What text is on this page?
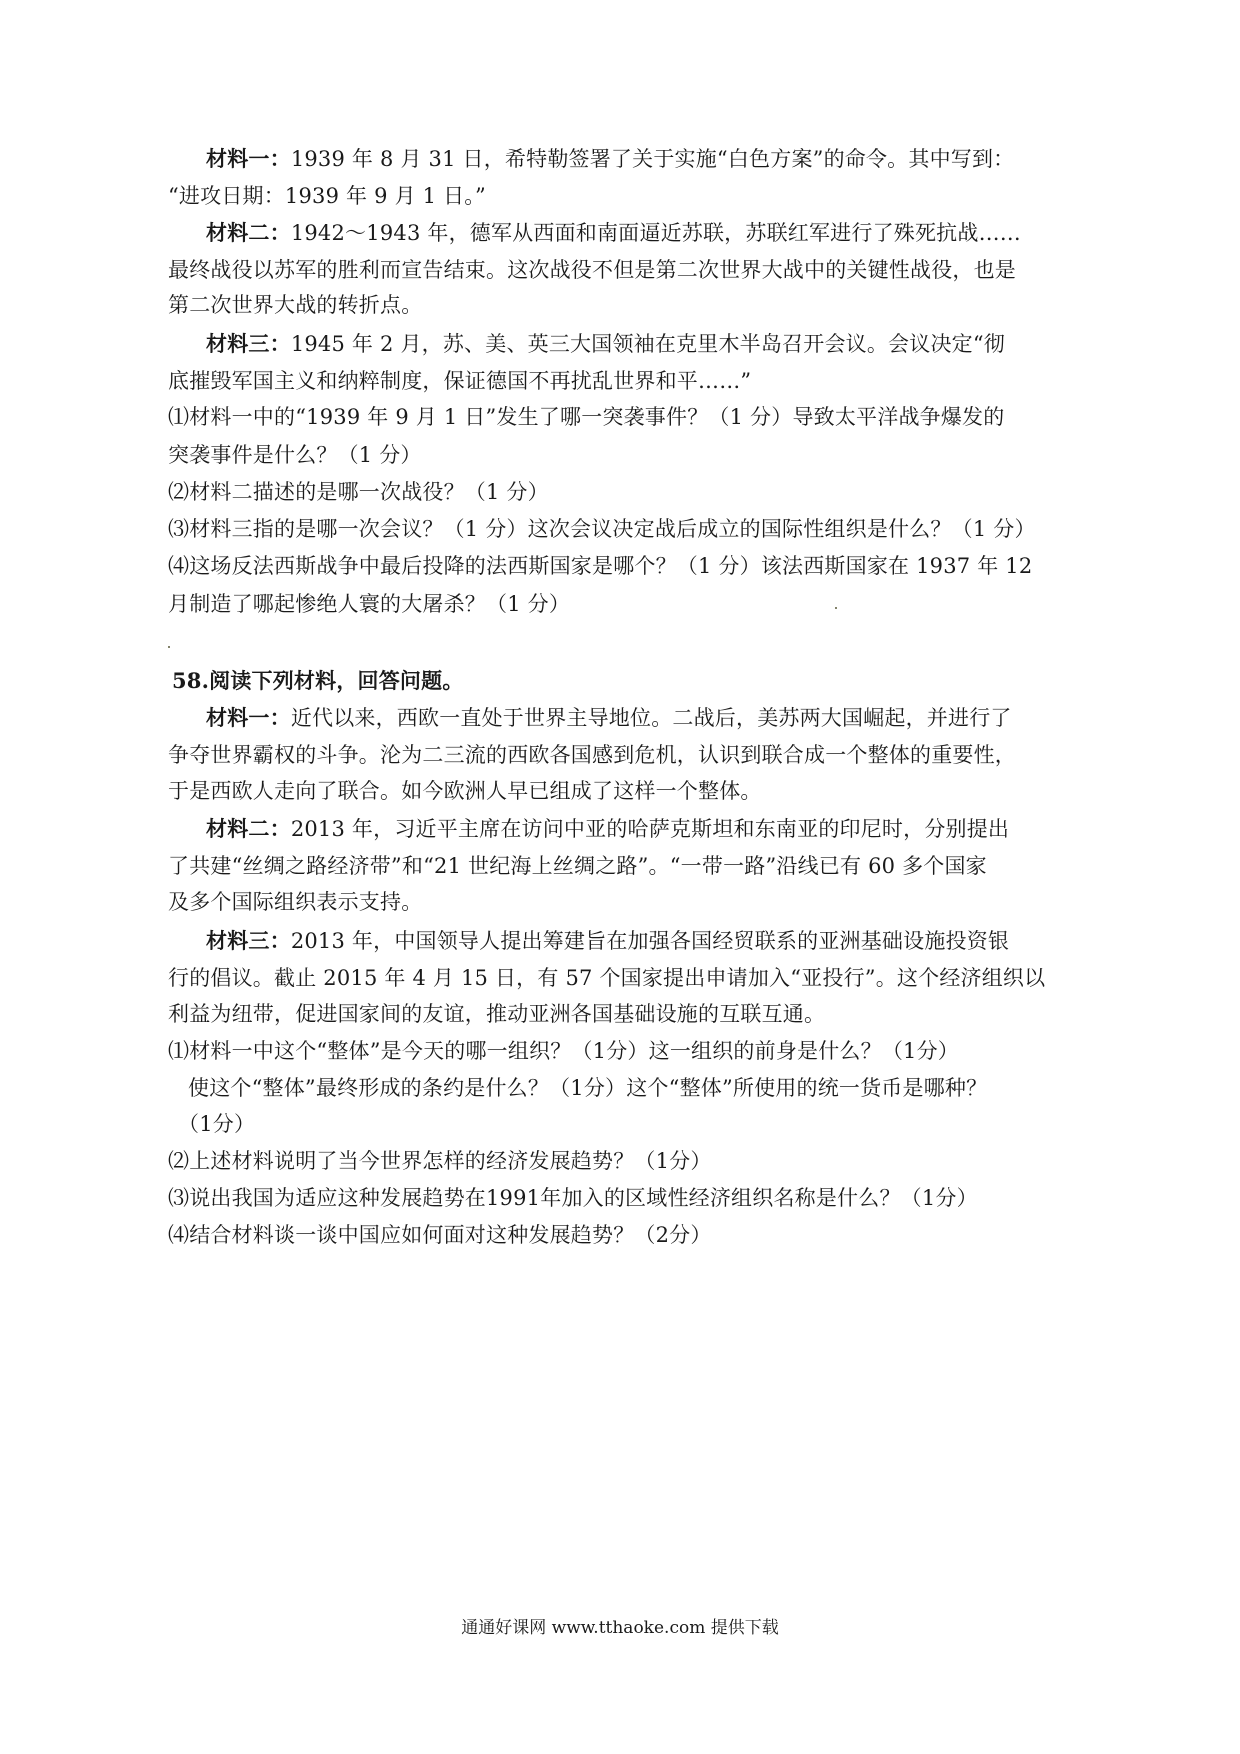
材料一：1939 年 8 月 31 日，希特勒签署了关于实施“白色方案”的命令。其中写到：
“进攻日期：1939 年 9 月 1 日。”
材料二：1942～1943 年，德军从西面和南面逼近苏联，苏联红军进行了殊死抗战……
最终战役以苏军的胜利而宣告结束。这次战役不但是第二次世界大战中的关键性战役，也是
第二次世界大战的转折点。
材料三：1945 年 2 月，苏、美、英三大国领袖在克里木半岛召开会议。会议决定“彻
底摧毁军国主义和纳粹制度，保证德国不再扰乱世界和平……”
⑴材料一中的“1939 年 9 月 1 日”发生了哪一突袭事件？（1 分）导致太平洋战争爆发的
突袭事件是什么？（1 分）
⑵材料二描述的是哪一次战役？（1 分）
⑶材料三指的是哪一次会议？（1 分）这次会议决定战后成立的国际性组织是什么？（1 分）
⑷这场反法西斯战争中最后投降的法西斯国家是哪个？（1 分）该法西斯国家在 1937 年 12
月制造了哪起惨绝人寰的大屠杀？（1 分）
58.阅读下列材料，回答问题。
材料一：近代以来，西欧一直处于世界主导地位。二战后，美苏两大国崛起，并进行了
争夺世界霸权的斗争。沦为二三流的西欧各国感到危机，认识到联合成一个整体的重要性，
于是西欧人走向了联合。如今欧洲人早已组成了这样一个整体。
材料二：2013 年，习近平主席在访问中亚的哈萨克斯坦和东南亚的印尼时，分别提出
了共建“丝绸之路经济带”和“21 世纪海上丝绸之路”。“一带一路”沿线已有 60 多个国家
及多个国际组织表示支持。
材料三：2013 年，中国领导人提出筹建旨在加强各国经贸联系的亚洲基础设施投资银
行的倡议。截止 2015 年 4 月 15 日，有 57 个国家提出申请加入“亚投行”。这个经济组织以
利益为纽带，促进国家间的友谊，推动亚洲各国基础设施的互联互通。
⑴材料一中这个“整体”是今天的哪一组织？（1分）这一组织的前身是什么？（1分）
使这个“整体”最终形成的条约是什么？（1分）这个“整体”所使用的统一货币是哪种？
（1分）
⑵上述材料说明了当今世界怎样的经济发展趋势？（1分）
⑶说出我国为适应这种发展趋势在1991年加入的区域性经济组织名称是什么？（1分）
⑷结合材料谈一谈中国应如何面对这种发展趋势？（2分）
通通好课网 www.tthaoke.com 提供下载
